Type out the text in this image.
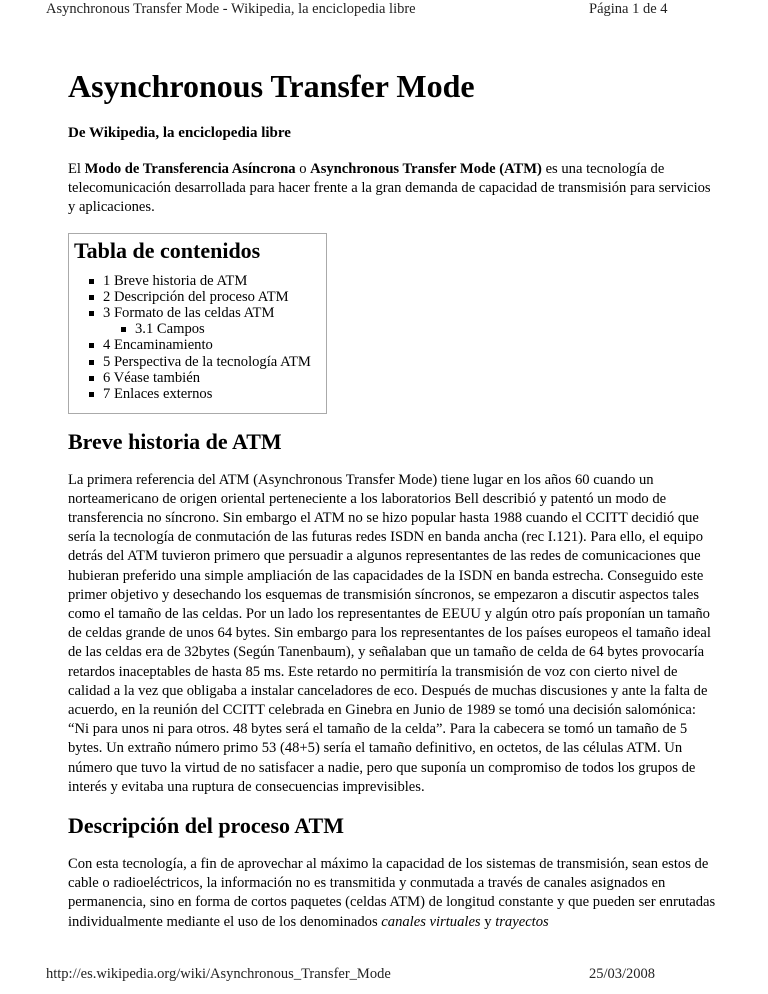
Asynchronous Transfer Mode - Wikipedia, la enciclopedia libre	Página 1 de 4
Asynchronous Transfer Mode
De Wikipedia, la enciclopedia libre

El Modo de Transferencia Asíncrona o Asynchronous Transfer Mode (ATM) es una tecnología de telecomunicación desarrollada para hacer frente a la gran demanda de capacidad de transmisión para servicios y aplicaciones.

Tabla de contenidos
1 Breve historia de ATM
2 Descripción del proceso ATM
3 Formato de las celdas ATM
3.1 Campos
4 Encaminamiento
5 Perspectiva de la tecnología ATM
6 Véase también
7 Enlaces externos
Breve historia de ATM

La primera referencia del ATM (Asynchronous Transfer Mode) tiene lugar en los años 60 cuando un norteamericano de origen oriental perteneciente a los laboratorios Bell describió y patentó un modo de transferencia no síncrono. Sin embargo el ATM no se hizo popular hasta 1988 cuando el CCITT decidió que sería la tecnología de conmutación de las futuras redes ISDN en banda ancha (rec I.121). Para ello, el equipo detrás del ATM tuvieron primero que persuadir a algunos representantes de las redes de comunicaciones que hubieran preferido una simple ampliación de las capacidades de la ISDN en banda estrecha. Conseguido este primer objetivo y desechando los esquemas de transmisión síncronos, se empezaron a discutir aspectos tales como el tamaño de las celdas. Por un lado los representantes de EEUU y algún otro país proponían un tamaño de celdas grande de unos 64 bytes. Sin embargo para los representantes de los países europeos el tamaño ideal de las celdas era de 32bytes (Según Tanenbaum), y señalaban que un tamaño de celda de 64 bytes provocaría retardos inaceptables de hasta 85 ms. Este retardo no permitiría la transmisión de voz con cierto nivel de calidad a la vez que obligaba a instalar canceladores de eco. Después de muchas discusiones y ante la falta de acuerdo, en la reunión del CCITT celebrada en Ginebra en Junio de 1989 se tomó una decisión salomónica: “Ni para unos ni para otros. 48 bytes será el tamaño de la celda”. Para la cabecera se tomó un tamaño de 5 bytes. Un extraño número primo 53 (48+5) sería el tamaño definitivo, en octetos, de las células ATM. Un número que tuvo la virtud de no satisfacer a nadie, pero que suponía un compromiso de todos los grupos de interés y evitaba una ruptura de consecuencias imprevisibles.

Descripción del proceso ATM

Con esta tecnología, a fin de aprovechar al máximo la capacidad de los sistemas de transmisión, sean estos de cable o radioeléctricos, la información no es transmitida y conmutada a través de canales asignados en permanencia, sino en forma de cortos paquetes (celdas ATM) de longitud constante y que pueden ser enrutadas individualmente mediante el uso de los denominados canales virtuales y trayectos

http://es.wikipedia.org/wiki/Asynchronous_Transfer_Mode	25/03/2008
